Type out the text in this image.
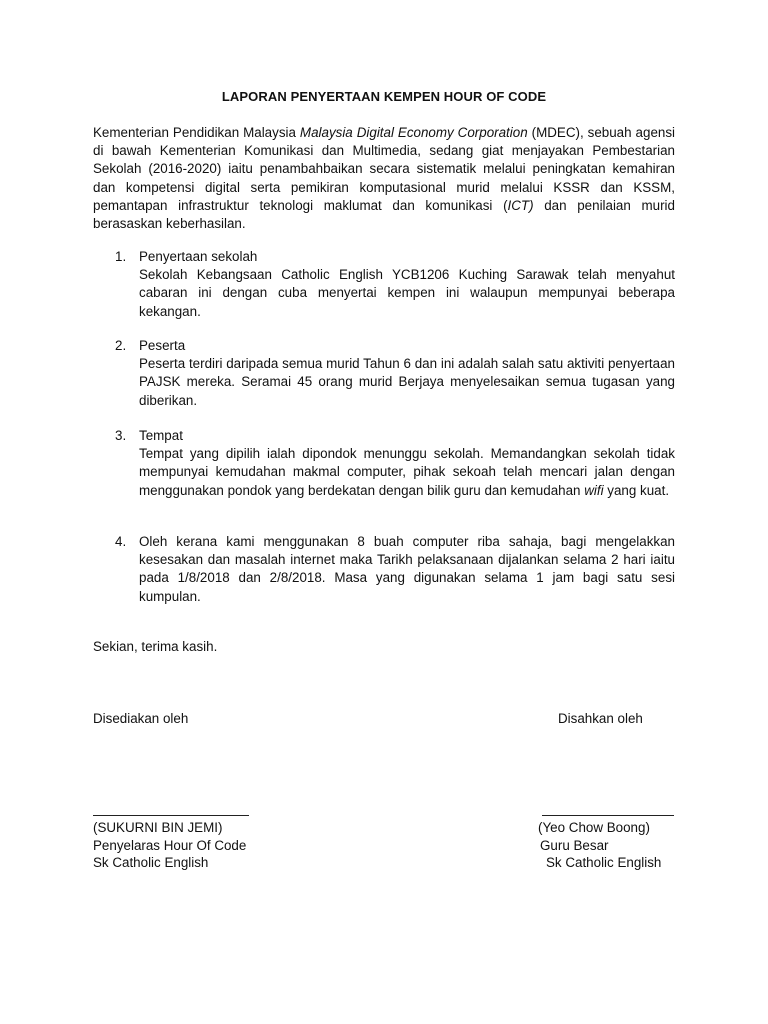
LAPORAN PENYERTAAN KEMPEN HOUR OF CODE
Kementerian Pendidikan Malaysia Malaysia Digital Economy Corporation (MDEC), sebuah agensi di bawah Kementerian Komunikasi dan Multimedia, sedang giat menjayakan Pembestarian Sekolah (2016-2020) iaitu penambahbaikan secara sistematik melalui peningkatan kemahiran dan kompetensi digital serta pemikiran komputasional murid melalui KSSR dan KSSM, pemantapan infrastruktur teknologi maklumat dan komunikasi (ICT) dan penilaian murid berasaskan keberhasilan.
1. Penyertaan sekolah
Sekolah Kebangsaan Catholic English YCB1206 Kuching Sarawak telah menyahut cabaran ini dengan cuba menyertai kempen ini walaupun mempunyai beberapa kekangan.
2. Peserta
Peserta terdiri daripada semua murid Tahun 6 dan ini adalah salah satu aktiviti penyertaan PAJSK mereka. Seramai 45 orang murid Berjaya menyelesaikan semua tugasan yang diberikan.
3. Tempat
Tempat yang dipilih ialah dipondok menunggu sekolah. Memandangkan sekolah tidak mempunyai kemudahan makmal computer, pihak sekoah telah mencari jalan dengan menggunakan pondok yang berdekatan dengan bilik guru dan kemudahan wifi yang kuat.
4. Oleh kerana kami menggunakan 8 buah computer riba sahaja, bagi mengelakkan kesesakan dan masalah internet maka Tarikh pelaksanaan dijalankan selama 2 hari iaitu pada 1/8/2018 dan 2/8/2018. Masa yang digunakan selama 1 jam bagi satu sesi kumpulan.
Sekian, terima kasih.
Disediakan oleh	Disahkan oleh
(SUKURNI BIN JEMI)
Penyelaras Hour Of Code
Sk Catholic English
(Yeo Chow Boong)
Guru Besar
Sk Catholic English
